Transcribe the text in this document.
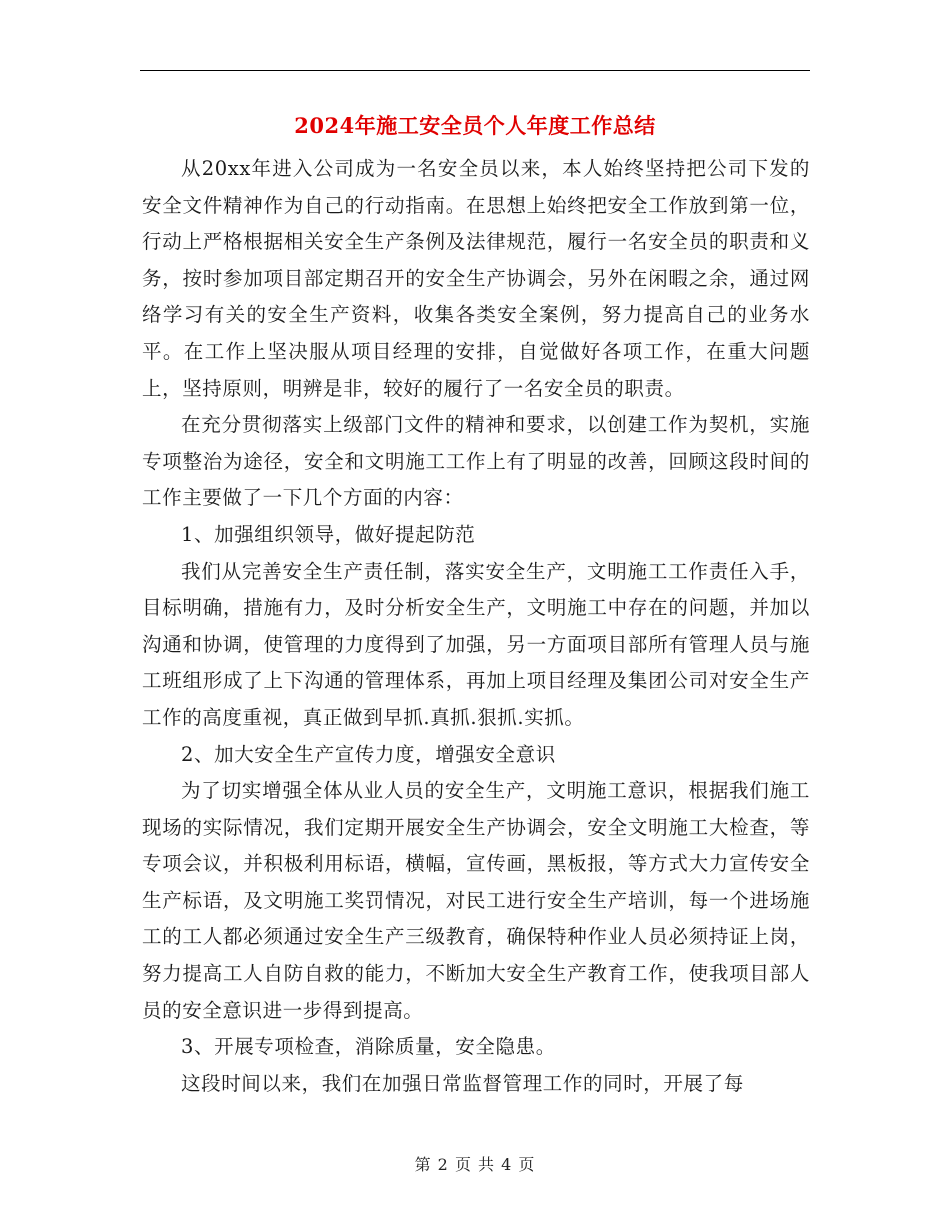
2024年施工安全员个人年度工作总结

从20xx年进入公司成为一名安全员以来，本人始终坚持把公司下发的安全文件精神作为自己的行动指南。在思想上始终把安全工作放到第一位，行动上严格根据相关安全生产条例及法律规范，履行一名安全员的职责和义务，按时参加项目部定期召开的安全生产协调会，另外在闲暇之余，通过网络学习有关的安全生产资料，收集各类安全案例，努力提高自己的业务水平。在工作上坚决服从项目经理的安排，自觉做好各项工作，在重大问题上，坚持原则，明辨是非，较好的履行了一名安全员的职责。

在充分贯彻落实上级部门文件的精神和要求，以创建工作为契机，实施专项整治为途径，安全和文明施工工作上有了明显的改善，回顾这段时间的工作主要做了一下几个方面的内容：

1、加强组织领导，做好提起防范

我们从完善安全生产责任制，落实安全生产，文明施工工作责任入手，目标明确，措施有力，及时分析安全生产，文明施工中存在的问题，并加以沟通和协调，使管理的力度得到了加强，另一方面项目部所有管理人员与施工班组形成了上下沟通的管理体系，再加上项目经理及集团公司对安全生产工作的高度重视，真正做到早抓.真抓.狠抓.实抓。

2、加大安全生产宣传力度，增强安全意识

为了切实增强全体从业人员的安全生产，文明施工意识，根据我们施工现场的实际情况，我们定期开展安全生产协调会，安全文明施工大检查，等专项会议，并积极利用标语，横幅，宣传画，黑板报，等方式大力宣传安全生产标语，及文明施工奖罚情况，对民工进行安全生产培训，每一个进场施工的工人都必须通过安全生产三级教育，确保特种作业人员必须持证上岗，努力提高工人自防自救的能力，不断加大安全生产教育工作，使我项目部人员的安全意识进一步得到提高。

3、开展专项检查，消除质量，安全隐患。

这段时间以来，我们在加强日常监督管理工作的同时，开展了每

第 2 页 共 4 页
